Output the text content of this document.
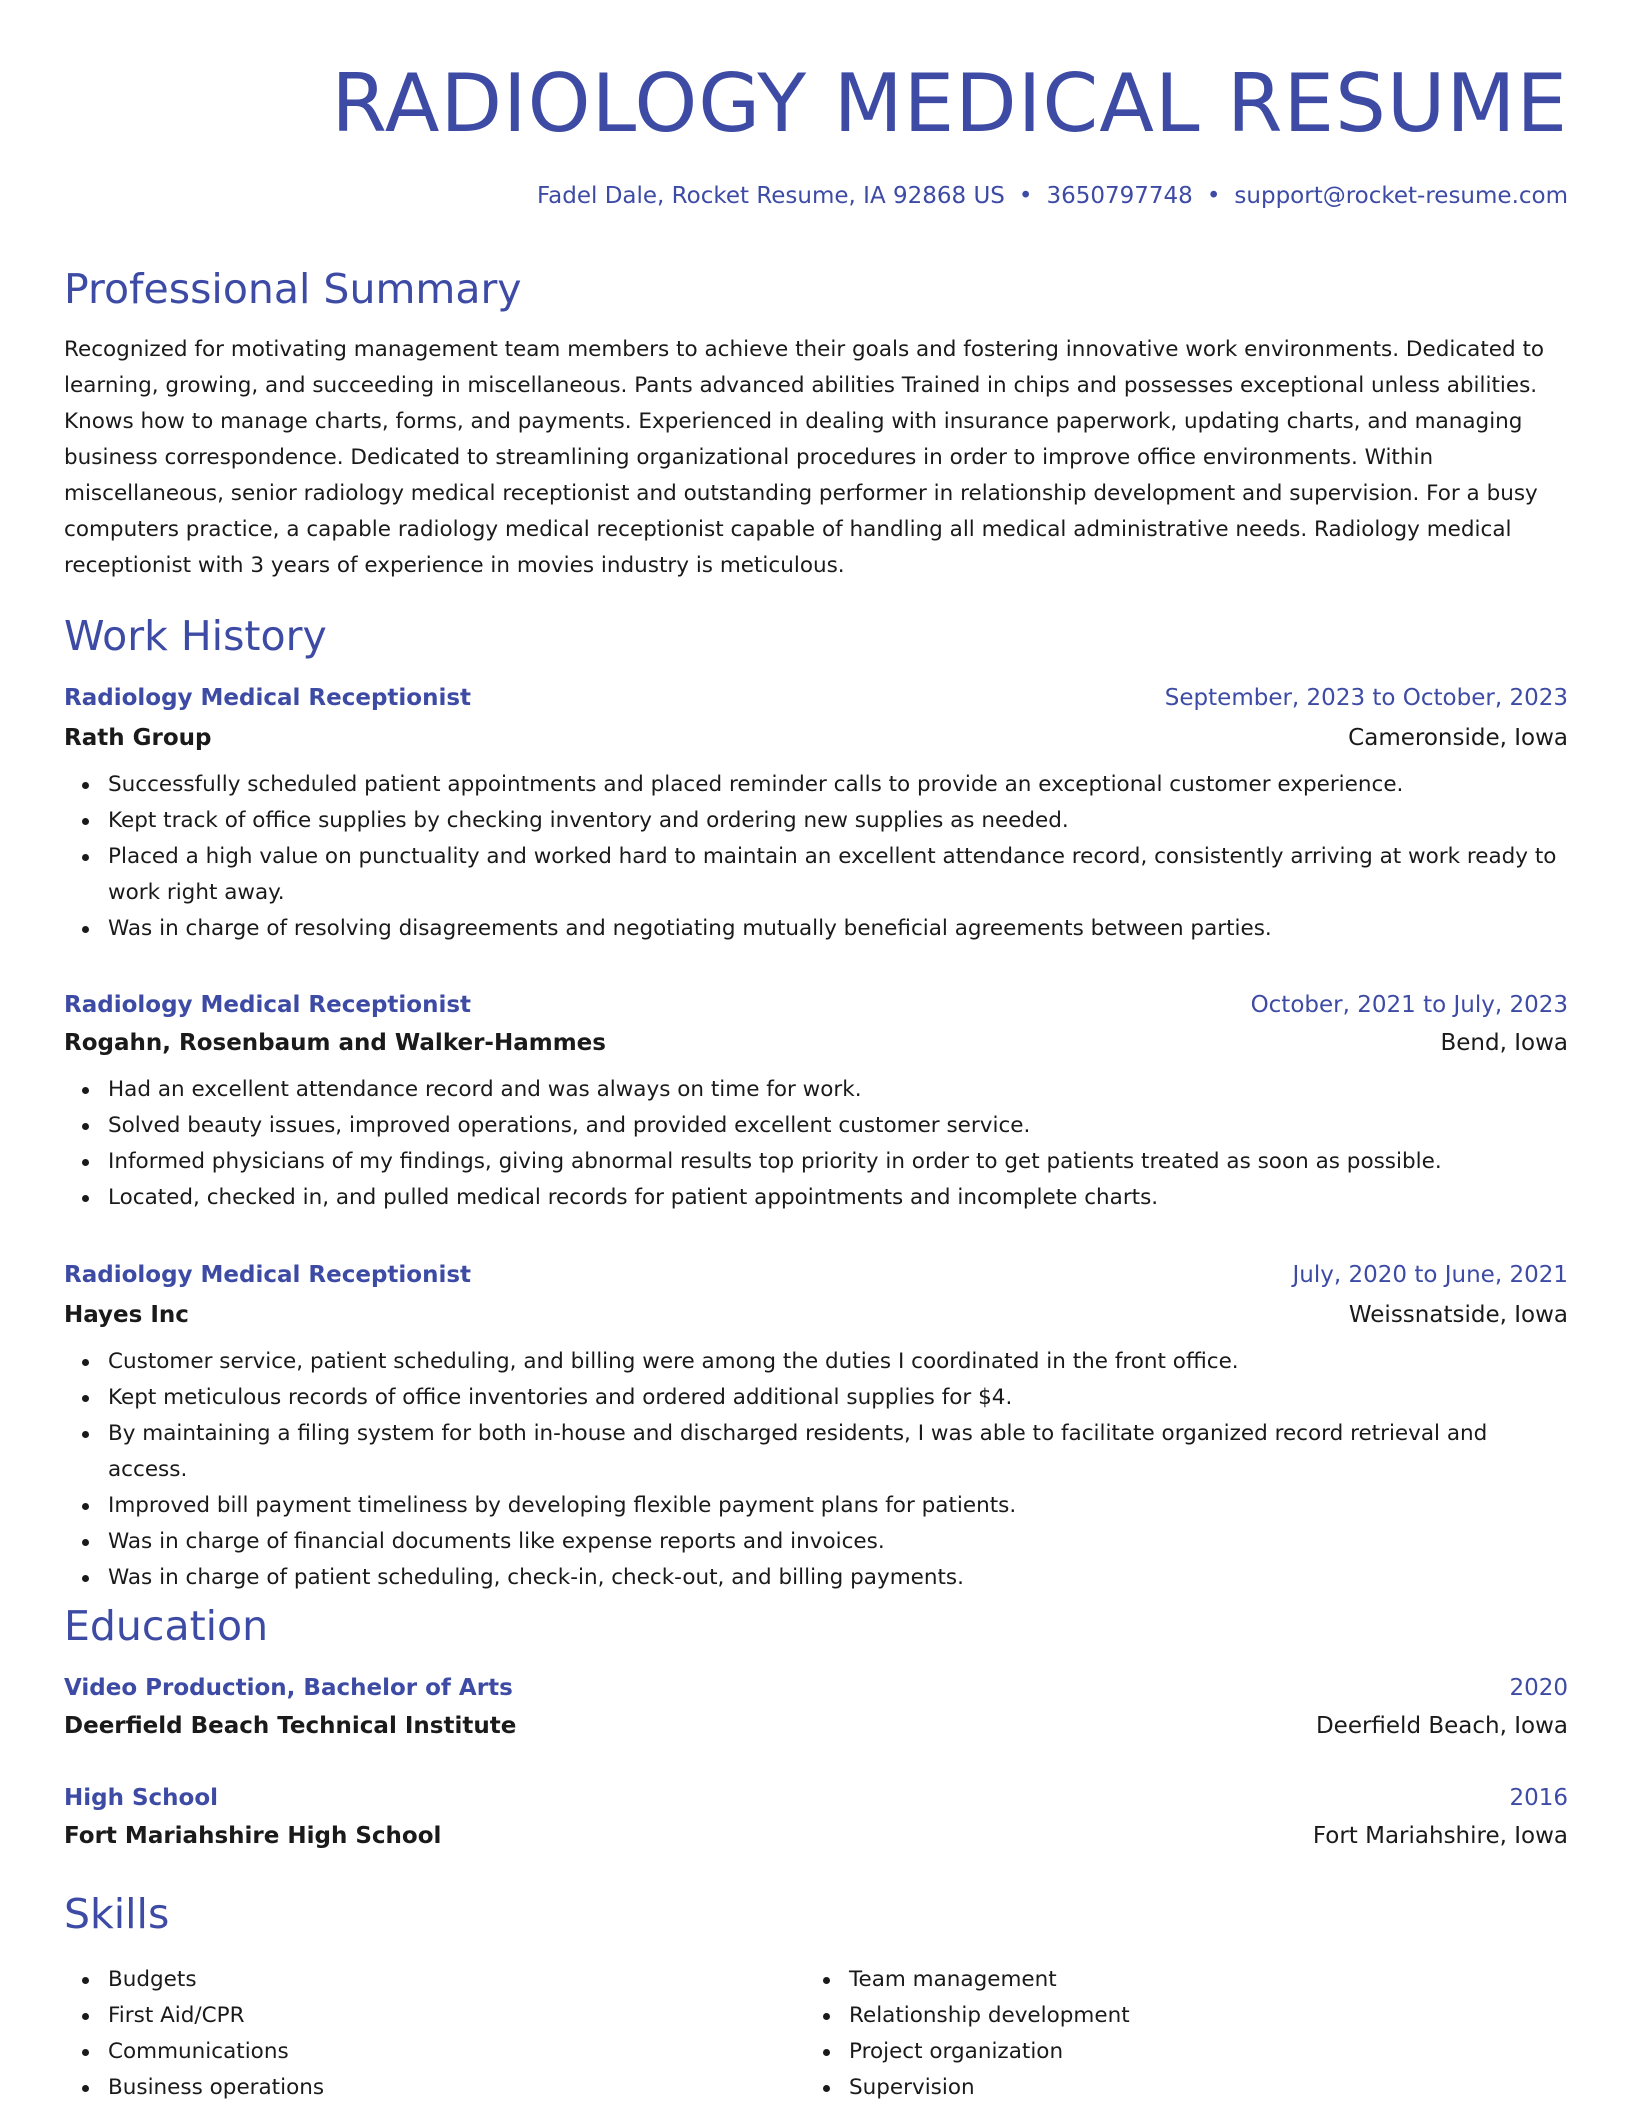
RADIOLOGY MEDICAL RESUME
Fadel Dale, Rocket Resume, IA 92868 US • 3650797748 • support@rocket-resume.com
Professional Summary

Recognized for motivating management team members to achieve their goals and fostering innovative work environments. Dedicated to learning, growing, and succeeding in miscellaneous. Pants advanced abilities Trained in chips and possesses exceptional unless abilities. Knows how to manage charts, forms, and payments. Experienced in dealing with insurance paperwork, updating charts, and managing business correspondence. Dedicated to streamlining organizational procedures in order to improve office environments. Within miscellaneous, senior radiology medical receptionist and outstanding performer in relationship development and supervision. For a busy computers practice, a capable radiology medical receptionist capable of handling all medical administrative needs. Radiology medical receptionist with 3 years of experience in movies industry is meticulous.

Work History
Radiology Medical Receptionist	September, 2023 to October, 2023
Rath Group	Cameronside, Iowa
Successfully scheduled patient appointments and placed reminder calls to provide an exceptional customer experience.
Kept track of office supplies by checking inventory and ordering new supplies as needed.
Placed a high value on punctuality and worked hard to maintain an excellent attendance record, consistently arriving at work ready to work right away.
Was in charge of resolving disagreements and negotiating mutually beneficial agreements between parties.
Radiology Medical Receptionist	October, 2021 to July, 2023
Rogahn, Rosenbaum and Walker-Hammes	Bend, Iowa
Had an excellent attendance record and was always on time for work.
Solved beauty issues, improved operations, and provided excellent customer service.
Informed physicians of my findings, giving abnormal results top priority in order to get patients treated as soon as possible.
Located, checked in, and pulled medical records for patient appointments and incomplete charts.
Radiology Medical Receptionist	July, 2020 to June, 2021
Hayes Inc	Weissnatside, Iowa
Customer service, patient scheduling, and billing were among the duties I coordinated in the front office.
Kept meticulous records of office inventories and ordered additional supplies for $4.
By maintaining a filing system for both in-house and discharged residents, I was able to facilitate organized record retrieval and access.
Improved bill payment timeliness by developing flexible payment plans for patients.
Was in charge of financial documents like expense reports and invoices.
Was in charge of patient scheduling, check-in, check-out, and billing payments.
Education
Video Production, Bachelor of Arts	2020
Deerfield Beach Technical Institute	Deerfield Beach, Iowa
High School	2016
Fort Mariahshire High School	Fort Mariahshire, Iowa
Skills
Budgets
First Aid/CPR
Communications
Business operations
Team management
Relationship development
Project organization
Supervision
